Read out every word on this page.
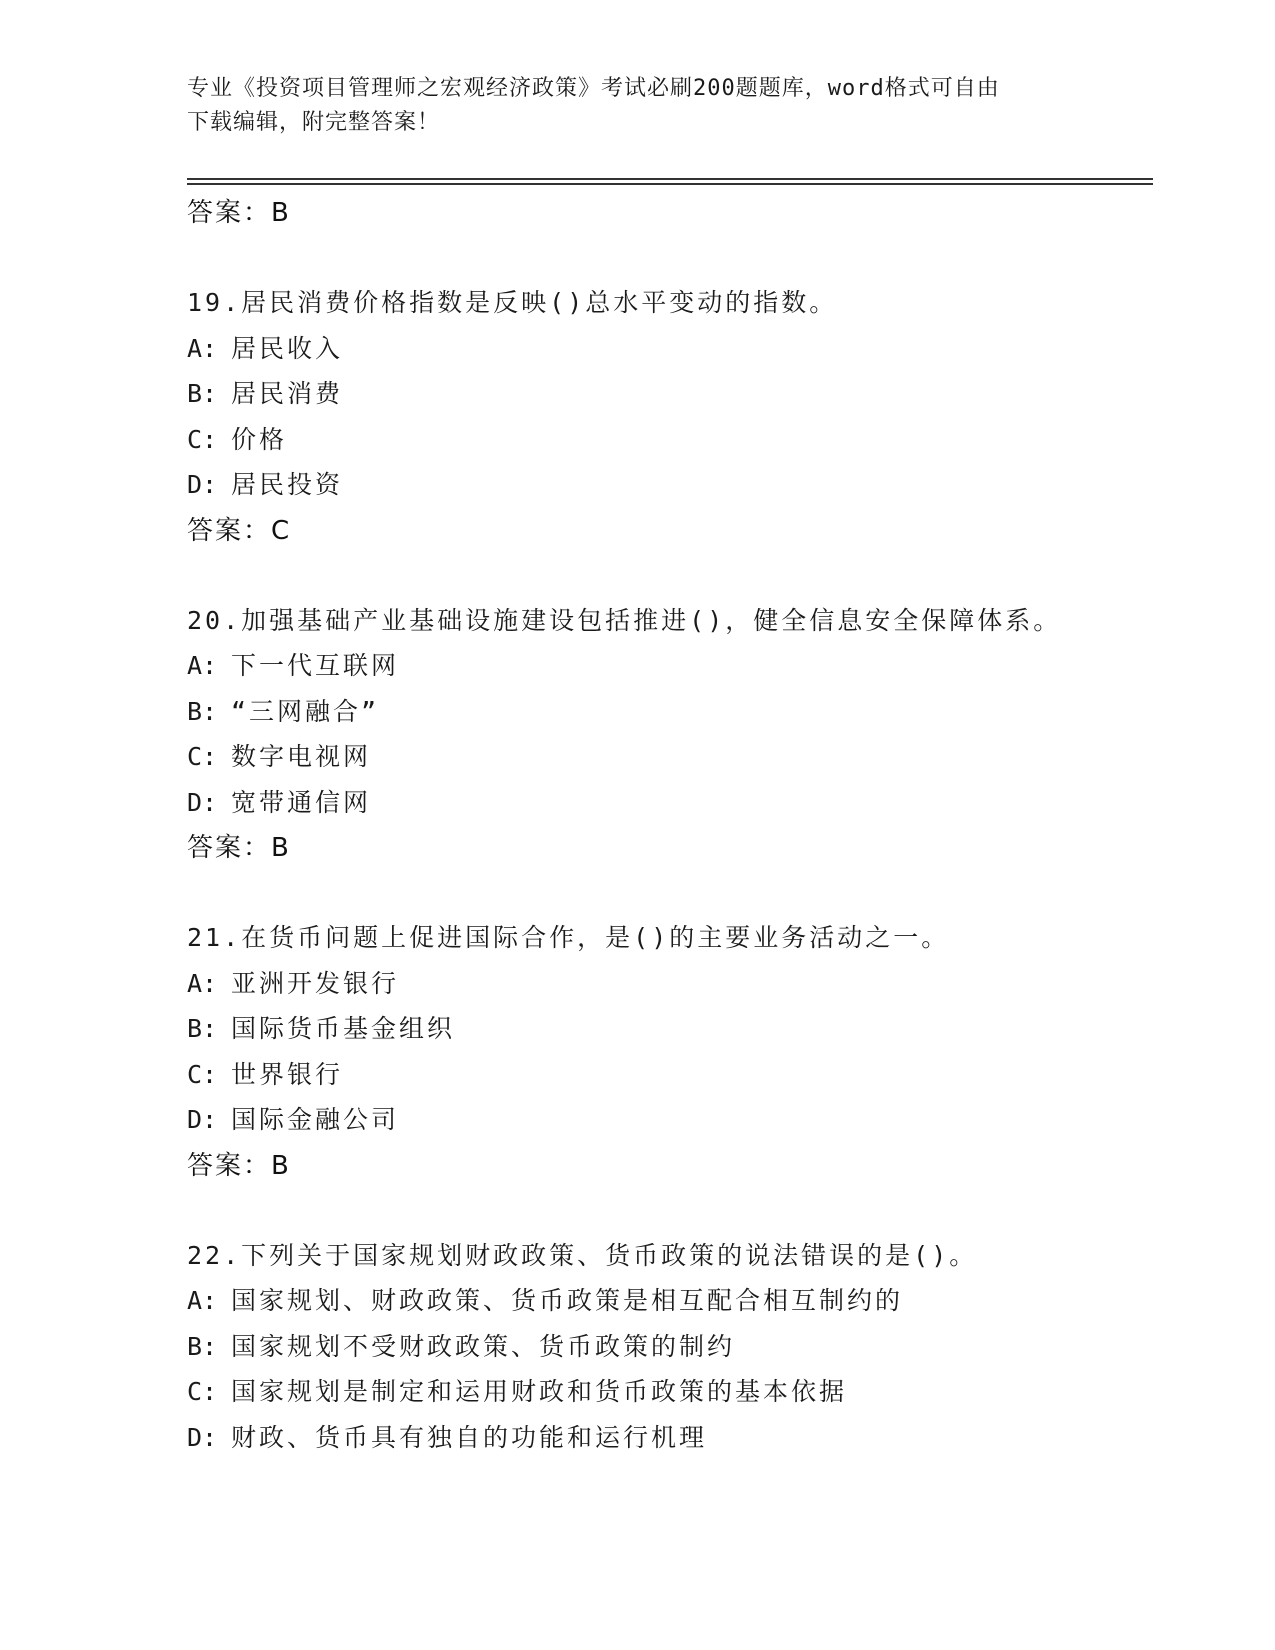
专业《投资项目管理师之宏观经济政策》考试必刷200题题库，word格式可自由
下载编辑，附完整答案！
答案：B
19.居民消费价格指数是反映()总水平变动的指数。
A: 居民收入
B: 居民消费
C: 价格
D: 居民投资
答案：C
20.加强基础产业基础设施建设包括推进()，健全信息安全保障体系。
A: 下一代互联网
B: “三网融合”
C: 数字电视网
D: 宽带通信网
答案：B
21.在货币问题上促进国际合作，是()的主要业务活动之一。
A: 亚洲开发银行
B: 国际货币基金组织
C: 世界银行
D: 国际金融公司
答案：B
22.下列关于国家规划财政政策、货币政策的说法错误的是()。
A: 国家规划、财政政策、货币政策是相互配合相互制约的
B: 国家规划不受财政政策、货币政策的制约
C: 国家规划是制定和运用财政和货币政策的基本依据
D: 财政、货币具有独自的功能和运行机理
